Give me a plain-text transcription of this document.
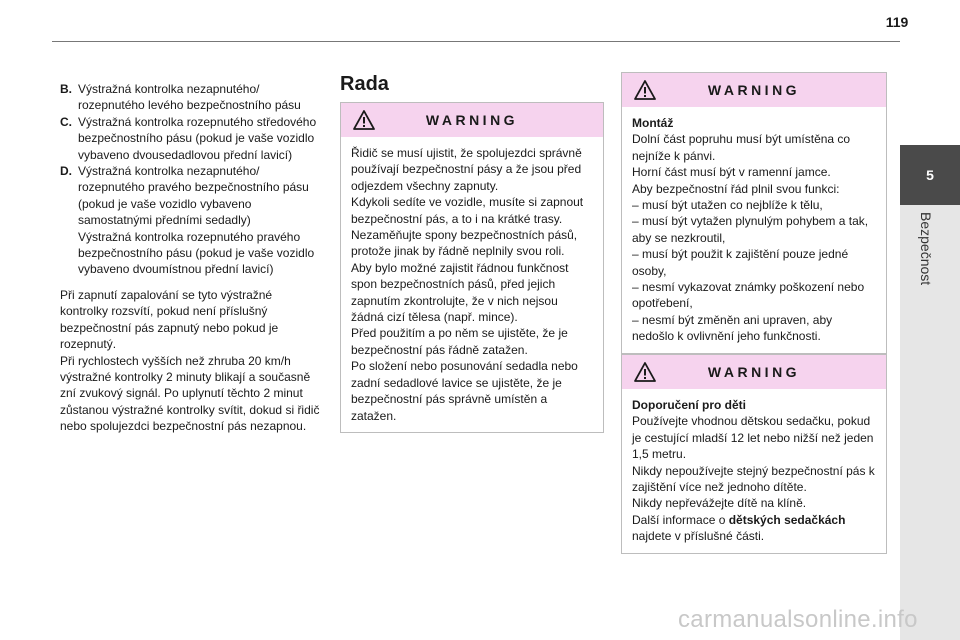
119
5
Bezpečnost
B. Výstražná kontrolka nezapnutého/ rozepnutého levého bezpečnostního pásu
C. Výstražná kontrolka rozepnutého středového bezpečnostního pásu (pokud je vaše vozidlo vybaveno dvousedadlovou přední lavicí)
D. Výstražná kontrolka nezapnutého/ rozepnutého pravého bezpečnostního pásu (pokud je vaše vozidlo vybaveno samostatnými předními sedadly)
Výstražná kontrolka rozepnutého pravého bezpečnostního pásu (pokud je vaše vozidlo vybaveno dvoumístnou přední lavicí)

Při zapnutí zapalování se tyto výstražné kontrolky rozsvítí, pokud není příslušný bezpečnostní pás zapnutý nebo pokud je rozepnutý.

Při rychlostech vyšších než zhruba 20 km/h výstražné kontrolky 2 minuty blikají a současně zní zvukový signál. Po uplynutí těchto 2 minut zůstanou výstražné kontrolky svítit, dokud si řidič nebo spolujezdci bezpečnostní pás nezapnou.

Rada
WARNING
Řidič se musí ujistit, že spolujezdci správně používají bezpečnostní pásy a že jsou před odjezdem všechny zapnuty.
Kdykoli sedíte ve vozidle, musíte si zapnout bezpečnostní pás, a to i na krátké trasy.
Nezaměňujte spony bezpečnostních pásů, protože jinak by řádně neplnily svou roli.
Aby bylo možné zajistit řádnou funkčnost spon bezpečnostních pásů, před jejich zapnutím zkontrolujte, že v nich nejsou žádná cizí tělesa (např. mince).
Před použitím a po něm se ujistěte, že je bezpečnostní pás řádně zatažen.
Po složení nebo posunování sedadla nebo zadní sedadlové lavice se ujistěte, že je bezpečnostní pás správně umístěn a zatažen.
WARNING
Montáž
Dolní část popruhu musí být umístěna co nejníže k pánvi.
Horní část musí být v ramenní jamce.
Aby bezpečnostní řád plnil svou funkci:
– musí být utažen co nejblíže k tělu,
– musí být vytažen plynulým pohybem a tak, aby se nezkroutil,
– musí být použit k zajištění pouze jedné osoby,
– nesmí vykazovat známky poškození nebo opotřebení,
– nesmí být změněn ani upraven, aby nedošlo k ovlivnění jeho funkčnosti.
WARNING
Doporučení pro děti
Používejte vhodnou dětskou sedačku, pokud je cestující mladší 12 let nebo nižší než jeden 1,5 metru.
Nikdy nepoužívejte stejný bezpečnostní pás k zajištění více než jednoho dítěte.
Nikdy nepřevážejte dítě na klíně.
Další informace o dětských sedačkách najdete v příslušné části.
carmanualsonline.info
